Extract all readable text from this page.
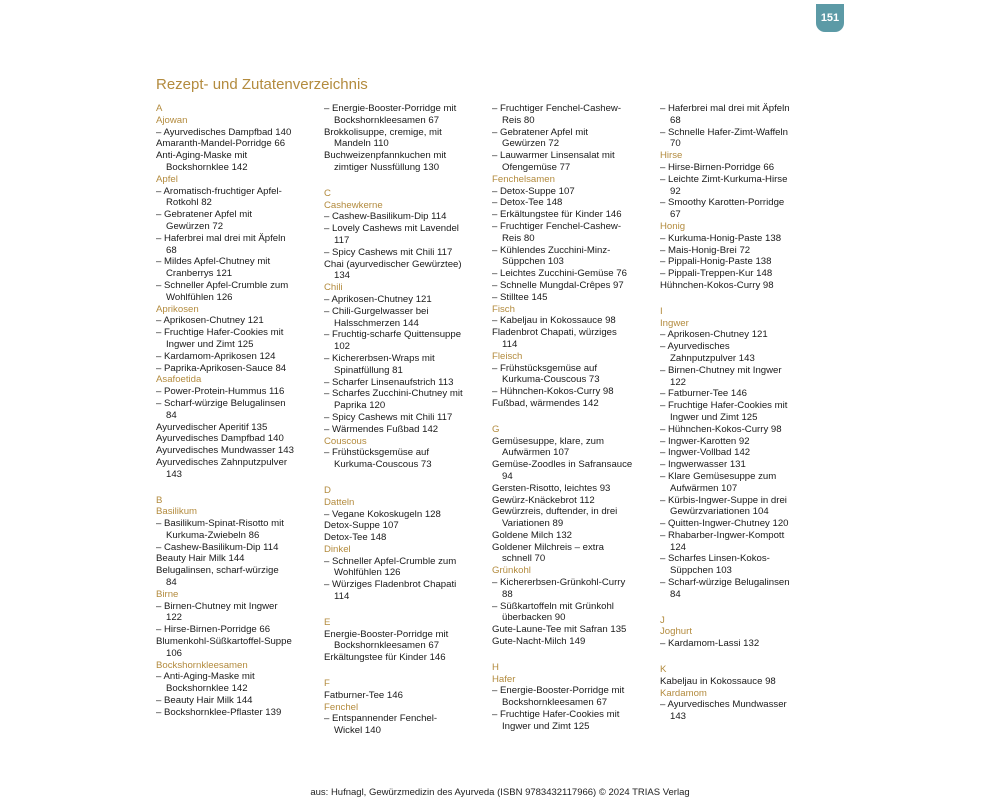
151
Rezept- und Zutatenverzeichnis
A
Ajowan
– Ayurvedisches Dampfbad 140
Amaranth-Mandel-Porridge 66
Anti-Aging-Maske mit
Bockshornklee 142
Apfel
– Aromatisch-fruchtiger Apfel-
Rotkohl 82
– Gebratener Apfel mit
Gewürzen 72
– Haferbrei mal drei mit Äpfeln
68
– Mildes Apfel-Chutney mit
Cranberrys 121
– Schneller Apfel-Crumble zum
Wohlfühlen 126
Aprikosen
– Aprikosen-Chutney 121
– Fruchtige Hafer-Cookies mit
Ingwer und Zimt 125
– Kardamom-Aprikosen 124
– Paprika-Aprikosen-Sauce 84
Asafoetida
– Power-Protein-Hummus 116
– Scharf-würzige Belugalinsen
84
Ayurvedischer Aperitif 135
Ayurvedisches Dampfbad 140
Ayurvedisches Mundwasser 143
Ayurvedisches Zahnputzpulver
143
B
Basilikum
– Basilikum-Spinat-Risotto mit
Kurkuma-Zwiebeln 86
– Cashew-Basilikum-Dip 114
Beauty Hair Milk 144
Belugalinsen, scharf-würzige
84
Birne
– Birnen-Chutney mit Ingwer
122
– Hirse-Birnen-Porridge 66
Blumenkohl-Süßkartoffel-Suppe
106
Bockshornkleesamen
– Anti-Aging-Maske mit
Bockshornklee 142
– Beauty Hair Milk 144
– Bockshornklee-Pflaster 139
– Energie-Booster-Porridge mit
Bockshornkleesamen 67
Brokkolisuppe, cremige, mit
Mandeln 110
Buchweizenpfannkuchen mit
zimtiger Nussfüllung 130
C
Cashewkerne
– Cashew-Basilikum-Dip 114
– Lovely Cashews mit Lavendel
117
– Spicy Cashews mit Chili 117
Chai (ayurvedischer Gewürztee)
134
Chili
– Aprikosen-Chutney 121
– Chili-Gurgelwasser bei
Halsschmerzen 144
– Fruchtig-scharfe Quittensuppe
102
– Kichererbsen-Wraps mit
Spinatfüllung 81
– Scharfer Linsenaufstrich 113
– Scharfes Zucchini-Chutney mit
Paprika 120
– Spicy Cashews mit Chili 117
– Wärmendes Fußbad 142
Couscous
– Frühstücksgemüse auf
Kurkuma-Couscous 73
D
Datteln
– Vegane Kokoskugeln 128
Detox-Suppe 107
Detox-Tee 148
Dinkel
– Schneller Apfel-Crumble zum
Wohlfühlen 126
– Würziges Fladenbrot Chapati
114
E
Energie-Booster-Porridge mit
Bockshornkleesamen 67
Erkältungstee für Kinder 146
F
Fatburner-Tee 146
Fenchel
– Entspannender Fenchel-
Wickel 140
– Fruchtiger Fenchel-Cashew-
Reis 80
– Gebratener Apfel mit
Gewürzen 72
– Lauwarmer Linsensalat mit
Ofengemüse 77
Fenchelsamen
– Detox-Suppe 107
– Detox-Tee 148
– Erkältungstee für Kinder 146
– Fruchtiger Fenchel-Cashew-
Reis 80
– Kühlendes Zucchini-Minz-
Süppchen 103
– Leichtes Zucchini-Gemüse 76
– Schnelle Mungdal-Crêpes 97
– Stilltee 145
Fisch
– Kabeljau in Kokossauce 98
Fladenbrot Chapati, würziges
114
Fleisch
– Frühstücksgemüse auf
Kurkuma-Couscous 73
– Hühnchen-Kokos-Curry 98
Fußbad, wärmendes 142
G
Gemüsesuppe, klare, zum
Aufwärmen 107
Gemüse-Zoodles in Safransauce
94
Gersten-Risotto, leichtes 93
Gewürz-Knäckebrot 112
Gewürzreis, duftender, in drei
Variationen 89
Goldene Milch 132
Goldener Milchreis – extra
schnell 70
Grünkohl
– Kichererbsen-Grünkohl-Curry
88
– Süßkartoffeln mit Grünkohl
überbacken 90
Gute-Laune-Tee mit Safran 135
Gute-Nacht-Milch 149
H
Hafer
– Energie-Booster-Porridge mit
Bockshornkleesamen 67
– Fruchtige Hafer-Cookies mit
Ingwer und Zimt 125
– Haferbrei mal drei mit Äpfeln
68
– Schnelle Hafer-Zimt-Waffeln
70
Hirse
– Hirse-Birnen-Porridge 66
– Leichte Zimt-Kurkuma-Hirse
92
– Smoothy Karotten-Porridge
67
Honig
– Kurkuma-Honig-Paste 138
– Mais-Honig-Brei 72
– Pippali-Honig-Paste 138
– Pippali-Treppen-Kur 148
Hühnchen-Kokos-Curry 98
I
Ingwer
– Aprikosen-Chutney 121
– Ayurvedisches
Zahnputzpulver 143
– Birnen-Chutney mit Ingwer
122
– Fatburner-Tee 146
– Fruchtige Hafer-Cookies mit
Ingwer und Zimt 125
– Hühnchen-Kokos-Curry 98
– Ingwer-Karotten 92
– Ingwer-Vollbad 142
– Ingwerwasser 131
– Klare Gemüsesuppe zum
Aufwärmen 107
– Kürbis-Ingwer-Suppe in drei
Gewürzvariationen 104
– Quitten-Ingwer-Chutney 120
– Rhabarber-Ingwer-Kompott
124
– Scharfes Linsen-Kokos-
Süppchen 103
– Scharf-würzige Belugalinsen
84
J
Joghurt
– Kardamom-Lassi 132
K
Kabeljau in Kokossauce 98
Kardamom
– Ayurvedisches Mundwasser
143
aus: Hufnagl, Gewürzmedizin des Ayurveda (ISBN 9783432117966) © 2024 TRIAS Verlag
